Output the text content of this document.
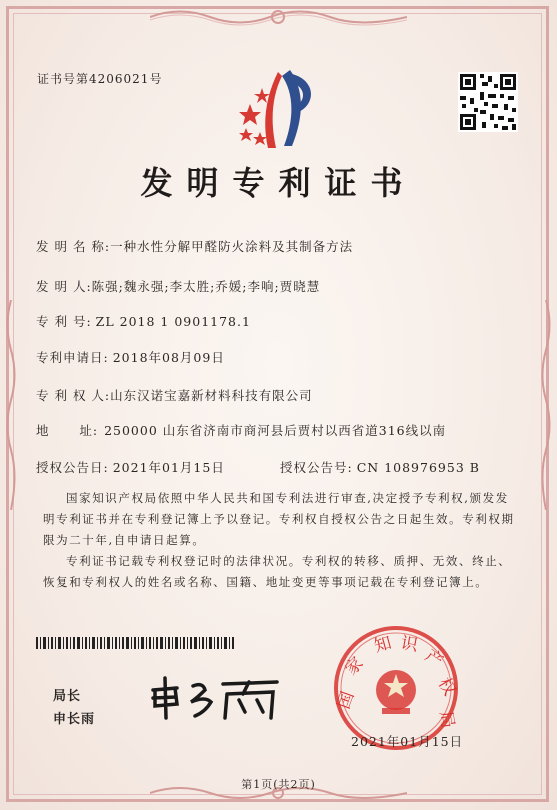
证书号第4206021号
发明专利证书
发 明 名 称:一种水性分解甲醛防火涂料及其制备方法
发 明 人:陈强;魏永强;李太胜;乔媛;李响;贾晓慧
专 利 号: ZL 2018 1 0901178.1
专利申请日: 2018年08月09日
专 利 权 人:山东汉诺宝嘉新材料科技有限公司
地      址: 250000 山东省济南市商河县后贾村以西省道316线以南
授权公告日: 2021年01月15日	授权公告号: CN 108976953 B
国家知识产权局依照中华人民共和国专利法进行审查,决定授予专利权,颁发发明专利证书并在专利登记簿上予以登记。专利权自授权公告之日起生效。专利权期限为二十年,自申请日起算。
专利证书记载专利权登记时的法律状况。专利权的转移、质押、无效、终止、恢复和专利权人的姓名或名称、国籍、地址变更等事项记载在专利登记簿上。
局长
申长雨
国
家
知 识
产
权
局
2021年01月15日
第1页(共2页)
